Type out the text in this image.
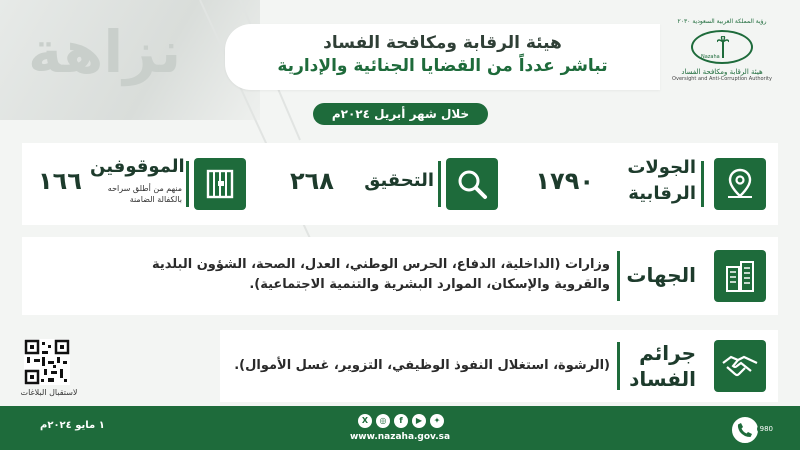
نزاهة	هيئة الرقابة ومكافحة الفساد
تباشر عدداً من القضايا الجنائية والإدارية
رؤية المملكة العربية السعودية ٢٠٣٠
Nazaha
هيئة الرقابة ومكافحة الفساد
Oversight and Anti-Corruption Authority
خلال شهر أبريل ٢٠٢٤م
الجولات
الرقابية
١٧٩٠
التحقيق
٢٦٨
الموقوفين
منهم من أطلق سراحه
بالكفالة الضامنة
١٦٦
الجهات
وزارات (الداخلية، الدفاع، الحرس الوطني، العدل، الصحة، الشؤون البلدية
والقروية والإسكان، الموارد البشرية والتنمية الاجتماعية).
جرائم
الفساد
(الرشوة، استغلال النفوذ الوظيفي، التزوير، غسل الأموال).
لاستقبال البلاغات
١ مايو ٢٠٢٤م	X	◎	f	▶	✦
www.nazaha.gov.sa
980
